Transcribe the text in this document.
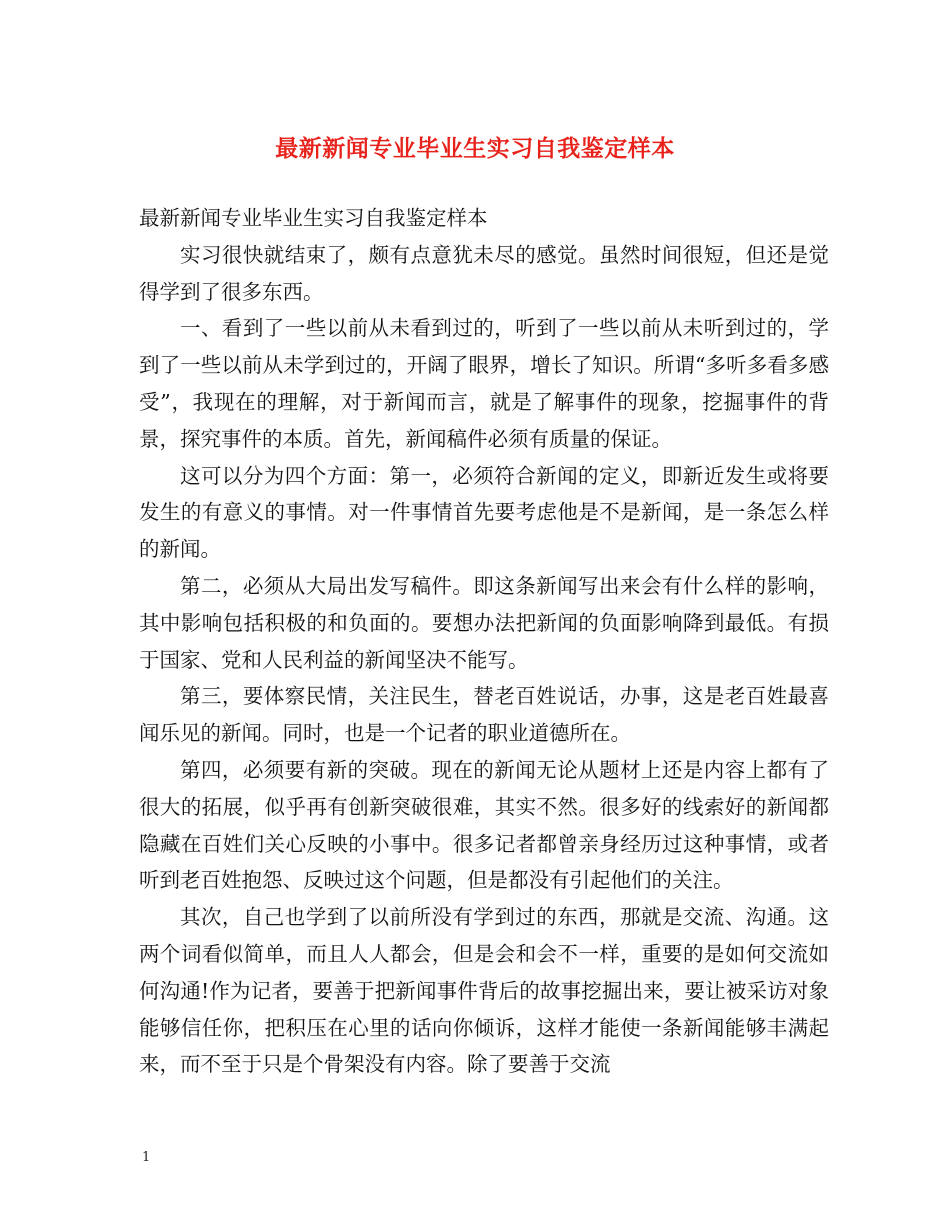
最新新闻专业毕业生实习自我鉴定样本

最新新闻专业毕业生实习自我鉴定样本

实习很快就结束了，颇有点意犹未尽的感觉。虽然时间很短，但还是觉得学到了很多东西。

一、看到了一些以前从未看到过的，听到了一些以前从未听到过的，学到了一些以前从未学到过的，开阔了眼界，增长了知识。所谓“多听多看多感受”，我现在的理解，对于新闻而言，就是了解事件的现象，挖掘事件的背景，探究事件的本质。首先，新闻稿件必须有质量的保证。

这可以分为四个方面：第一，必须符合新闻的定义，即新近发生或将要发生的有意义的事情。对一件事情首先要考虑他是不是新闻，是一条怎么样的新闻。

第二，必须从大局出发写稿件。即这条新闻写出来会有什么样的影响，其中影响包括积极的和负面的。要想办法把新闻的负面影响降到最低。有损于国家、党和人民利益的新闻坚决不能写。

第三，要体察民情，关注民生，替老百姓说话，办事，这是老百姓最喜闻乐见的新闻。同时，也是一个记者的职业道德所在。

第四，必须要有新的突破。现在的新闻无论从题材上还是内容上都有了很大的拓展，似乎再有创新突破很难，其实不然。很多好的线索好的新闻都隐藏在百姓们关心反映的小事中。很多记者都曾亲身经历过这种事情，或者听到老百姓抱怨、反映过这个问题，但是都没有引起他们的关注。

其次，自己也学到了以前所没有学到过的东西，那就是交流、沟通。这两个词看似简单，而且人人都会，但是会和会不一样，重要的是如何交流如何沟通!作为记者，要善于把新闻事件背后的故事挖掘出来，要让被采访对象能够信任你，把积压在心里的话向你倾诉，这样才能使一条新闻能够丰满起来，而不至于只是个骨架没有内容。除了要善于交流

1
